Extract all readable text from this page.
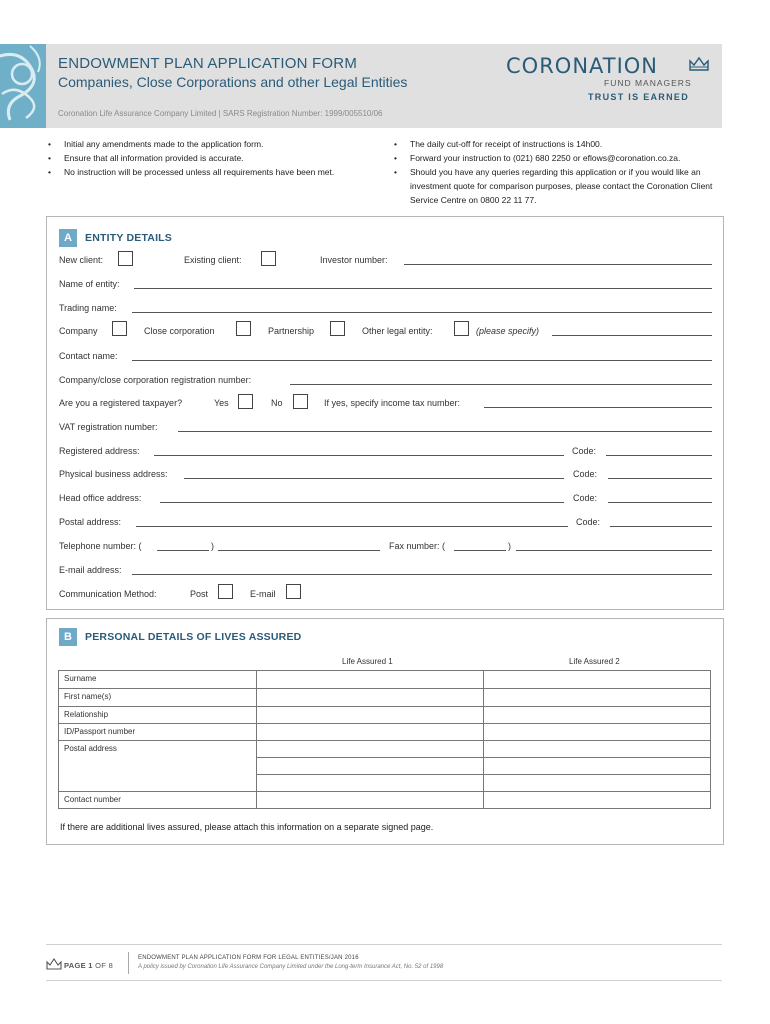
ENDOWMENT PLAN APPLICATION FORM
Companies, Close Corporations and other Legal Entities
Coronation Life Assurance Company Limited | SARS Registration Number: 1999/005510/06
CORONATION
FUND MANAGERS
TRUST IS EARNED
• Initial any amendments made to the application form.
• Ensure that all information provided is accurate.
• No instruction will be processed unless all requirements have been met.
• The daily cut-off for receipt of instructions is 14h00.
• Forward your instruction to (021) 680 2250 or eflows@coronation.co.za.
• Should you have any queries regarding this application or if you would like an investment quote for comparison purposes, please contact the Coronation Client Service Centre on 0800 22 11 77.
A	ENTITY DETAILS
New client:	Existing client:	Investor number:
Name of entity:
Trading name:
Company	Close corporation	Partnership	Other legal entity:	(please specify)
Contact name:
Company/close corporation registration number:
Are you a registered taxpayer?	Yes	No	If yes, specify income tax number:
VAT registration number:
Registered address:	Code:
Physical business address:	Code:
Head office address:	Code:
Postal address:	Code:
Telephone number: (	)	Fax number: (	)
E-mail address:
Communication Method:	Post	E-mail
B	PERSONAL DETAILS OF LIVES ASSURED
Life Assured 1	Life Assured 2
Surname		
First name(s)		
Relationship		
ID/Passport number		
Postal address		

Contact number		
If there are additional lives assured, please attach this information on a separate signed page.
PAGE 1 OF 8
ENDOWMENT PLAN APPLICATION FORM FOR LEGAL ENTITIES/JAN 2016
A policy issued by Coronation Life Assurance Company Limited under the Long-term Insurance Act, No. 52 of 1998
